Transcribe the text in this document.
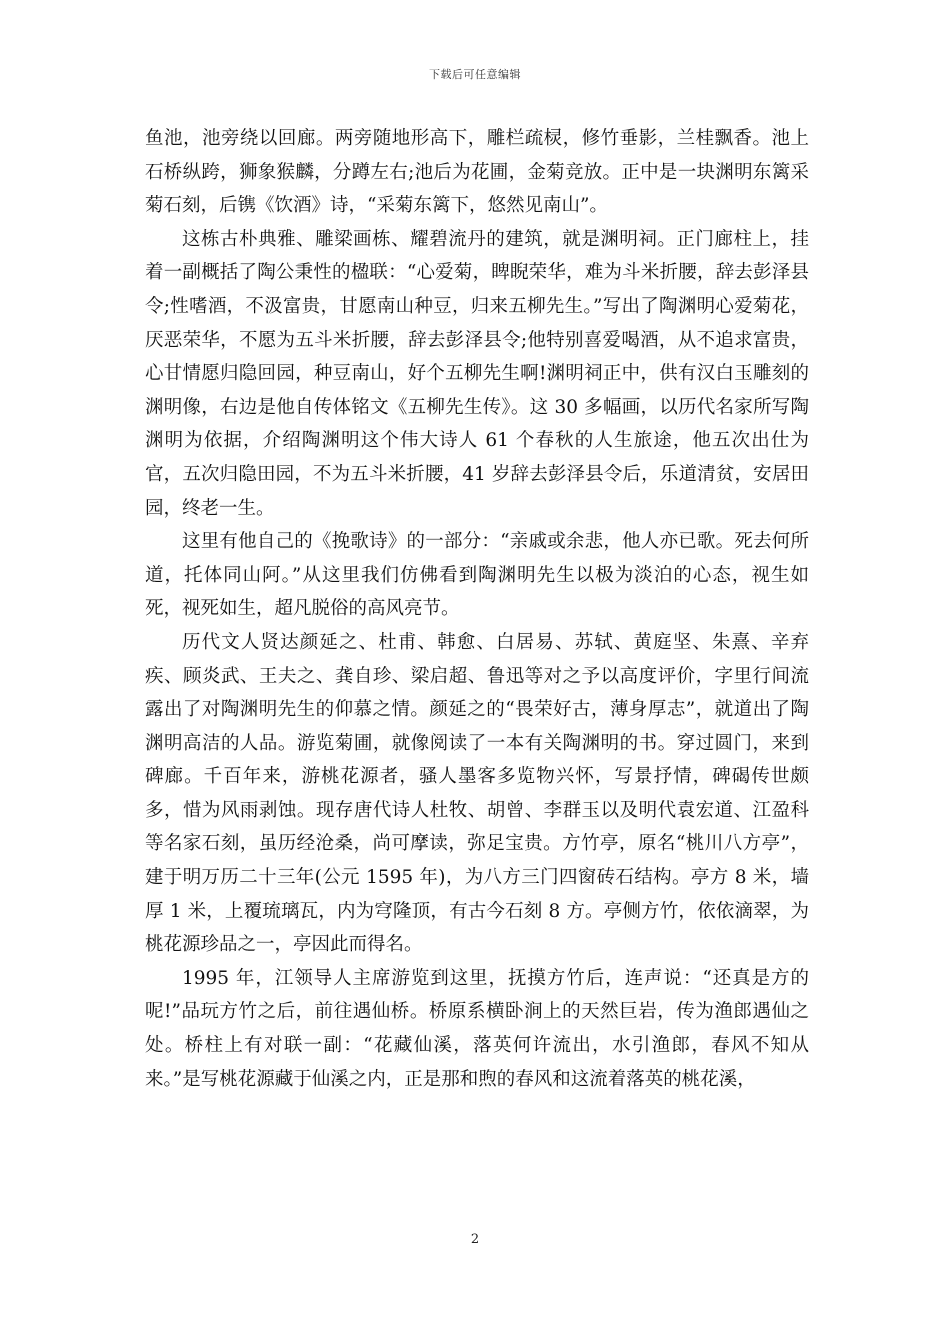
下载后可任意编辑

鱼池，池旁绕以回廊。两旁随地形高下，雕栏疏棂，修竹垂影，兰桂飘香。池上石桥纵跨，狮象猴麟，分蹲左右;池后为花圃，金菊竞放。正中是一块渊明东篱采菊石刻，后镌《饮酒》诗，“采菊东篱下，悠然见南山”。

这栋古朴典雅、雕梁画栋、耀碧流丹的建筑，就是渊明祠。正门廊柱上，挂着一副概括了陶公秉性的楹联：“心爱菊，睥睨荣华，难为斗米折腰，辞去彭泽县令;性嗜酒，不汲富贵，甘愿南山种豆，归来五柳先生。”写出了陶渊明心爱菊花，厌恶荣华，不愿为五斗米折腰，辞去彭泽县令;他特别喜爱喝酒，从不追求富贵，心甘情愿归隐回园，种豆南山，好个五柳先生啊!渊明祠正中，供有汉白玉雕刻的渊明像，右边是他自传体铭文《五柳先生传》。这 30 多幅画，以历代名家所写陶渊明为依据，介绍陶渊明这个伟大诗人 61 个春秋的人生旅途，他五次出仕为官，五次归隐田园，不为五斗米折腰，41 岁辞去彭泽县令后，乐道清贫，安居田园，终老一生。

这里有他自己的《挽歌诗》的一部分：“亲戚或余悲，他人亦已歌。死去何所道，托体同山阿。”从这里我们仿佛看到陶渊明先生以极为淡泊的心态，视生如死，视死如生，超凡脱俗的高风亮节。

历代文人贤达颜延之、杜甫、韩愈、白居易、苏轼、黄庭坚、朱熹、辛弃疾、顾炎武、王夫之、龚自珍、梁启超、鲁迅等对之予以高度评价，字里行间流露出了对陶渊明先生的仰慕之情。颜延之的“畏荣好古，薄身厚志”，就道出了陶渊明高洁的人品。游览菊圃，就像阅读了一本有关陶渊明的书。穿过圆门，来到碑廊。千百年来，游桃花源者，骚人墨客多览物兴怀，写景抒情，碑碣传世颇多，惜为风雨剥蚀。现存唐代诗人杜牧、胡曾、李群玉以及明代袁宏道、江盈科等名家石刻，虽历经沧桑，尚可摩读，弥足宝贵。方竹亭，原名“桃川八方亭”，建于明万历二十三年(公元 1595 年)，为八方三门四窗砖石结构。亭方 8 米，墙厚 1 米，上覆琉璃瓦，内为穹隆顶，有古今石刻 8 方。亭侧方竹，依依滴翠，为桃花源珍品之一，亭因此而得名。

1995 年，江领导人主席游览到这里，抚摸方竹后，连声说：“还真是方的呢!”品玩方竹之后，前往遇仙桥。桥原系横卧涧上的天然巨岩，传为渔郎遇仙之处。桥柱上有对联一副：“花藏仙溪，落英何许流出，水引渔郎，春风不知从来。”是写桃花源藏于仙溪之内，正是那和煦的春风和这流着落英的桃花溪，

2
